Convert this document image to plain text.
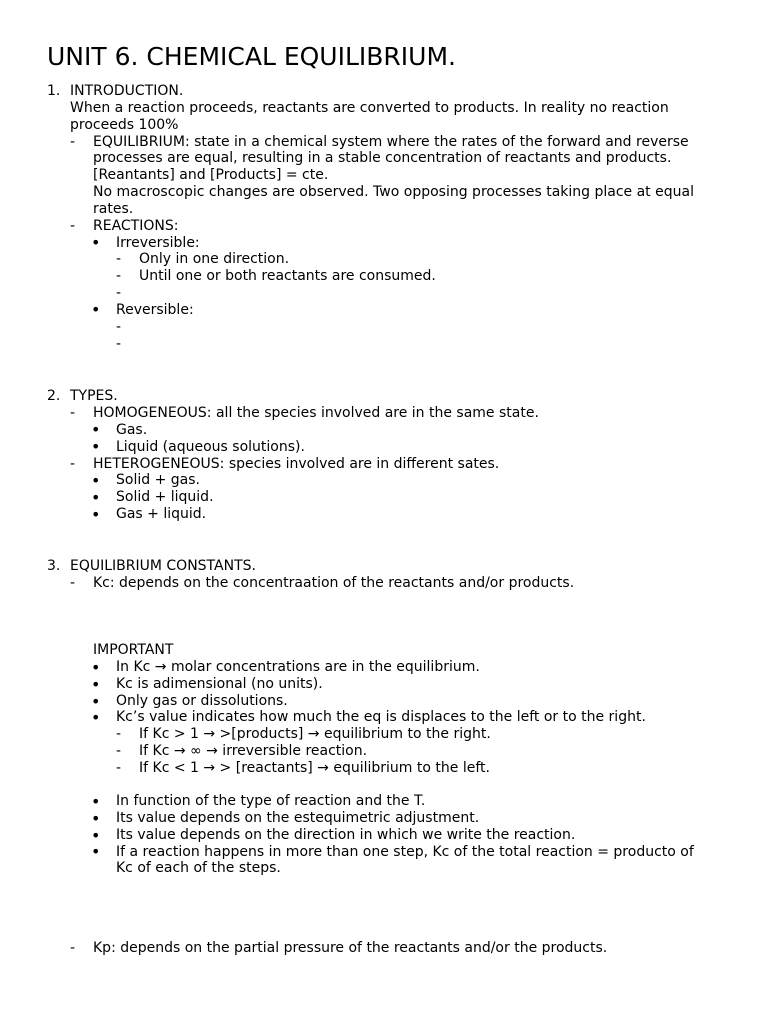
UNIT 6. CHEMICAL EQUILIBRIUM.
1. INTRODUCTION.
When a reaction proceeds, reactants are converted to products. In reality no reaction
proceeds 100%
- EQUILIBRIUM: state in a chemical system where the rates of the forward and reverse
processes are equal, resulting in a stable concentration of reactants and products.
[Reantants] and [Products] = cte.
No macroscopic changes are observed. Two opposing processes taking place at equal
rates.
- REACTIONS:
• Irreversible:
- Only in one direction.
- Until one or both reactants are consumed.
-
• Reversible:
-
-
2. TYPES.
- HOMOGENEOUS: all the species involved are in the same state.
• Gas.
• Liquid (aqueous solutions).
- HETEROGENEOUS: species involved are in different sates.
• Solid + gas.
• Solid + liquid.
• Gas + liquid.
3. EQUILIBRIUM CONSTANTS.
- Kc: depends on the concentraation of the reactants and/or products.
IMPORTANT
• In Kc → molar concentrations are in the equilibrium.
• Kc is adimensional (no units).
• Only gas or dissolutions.
• Kc’s value indicates how much the eq is displaces to the left or to the right.
- If Kc > 1 → >[products] → equilibrium to the right.
- If Kc → ∞ → irreversible reaction.
- If Kc < 1 → > [reactants] → equilibrium to the left.
• In function of the type of reaction and the T.
• Its value depends on the estequimetric adjustment.
• Its value depends on the direction in which we write the reaction.
• If a reaction happens in more than one step, Kc of the total reaction = producto of
Kc of each of the steps.
- Kp: depends on the partial pressure of the reactants and/or the products.
